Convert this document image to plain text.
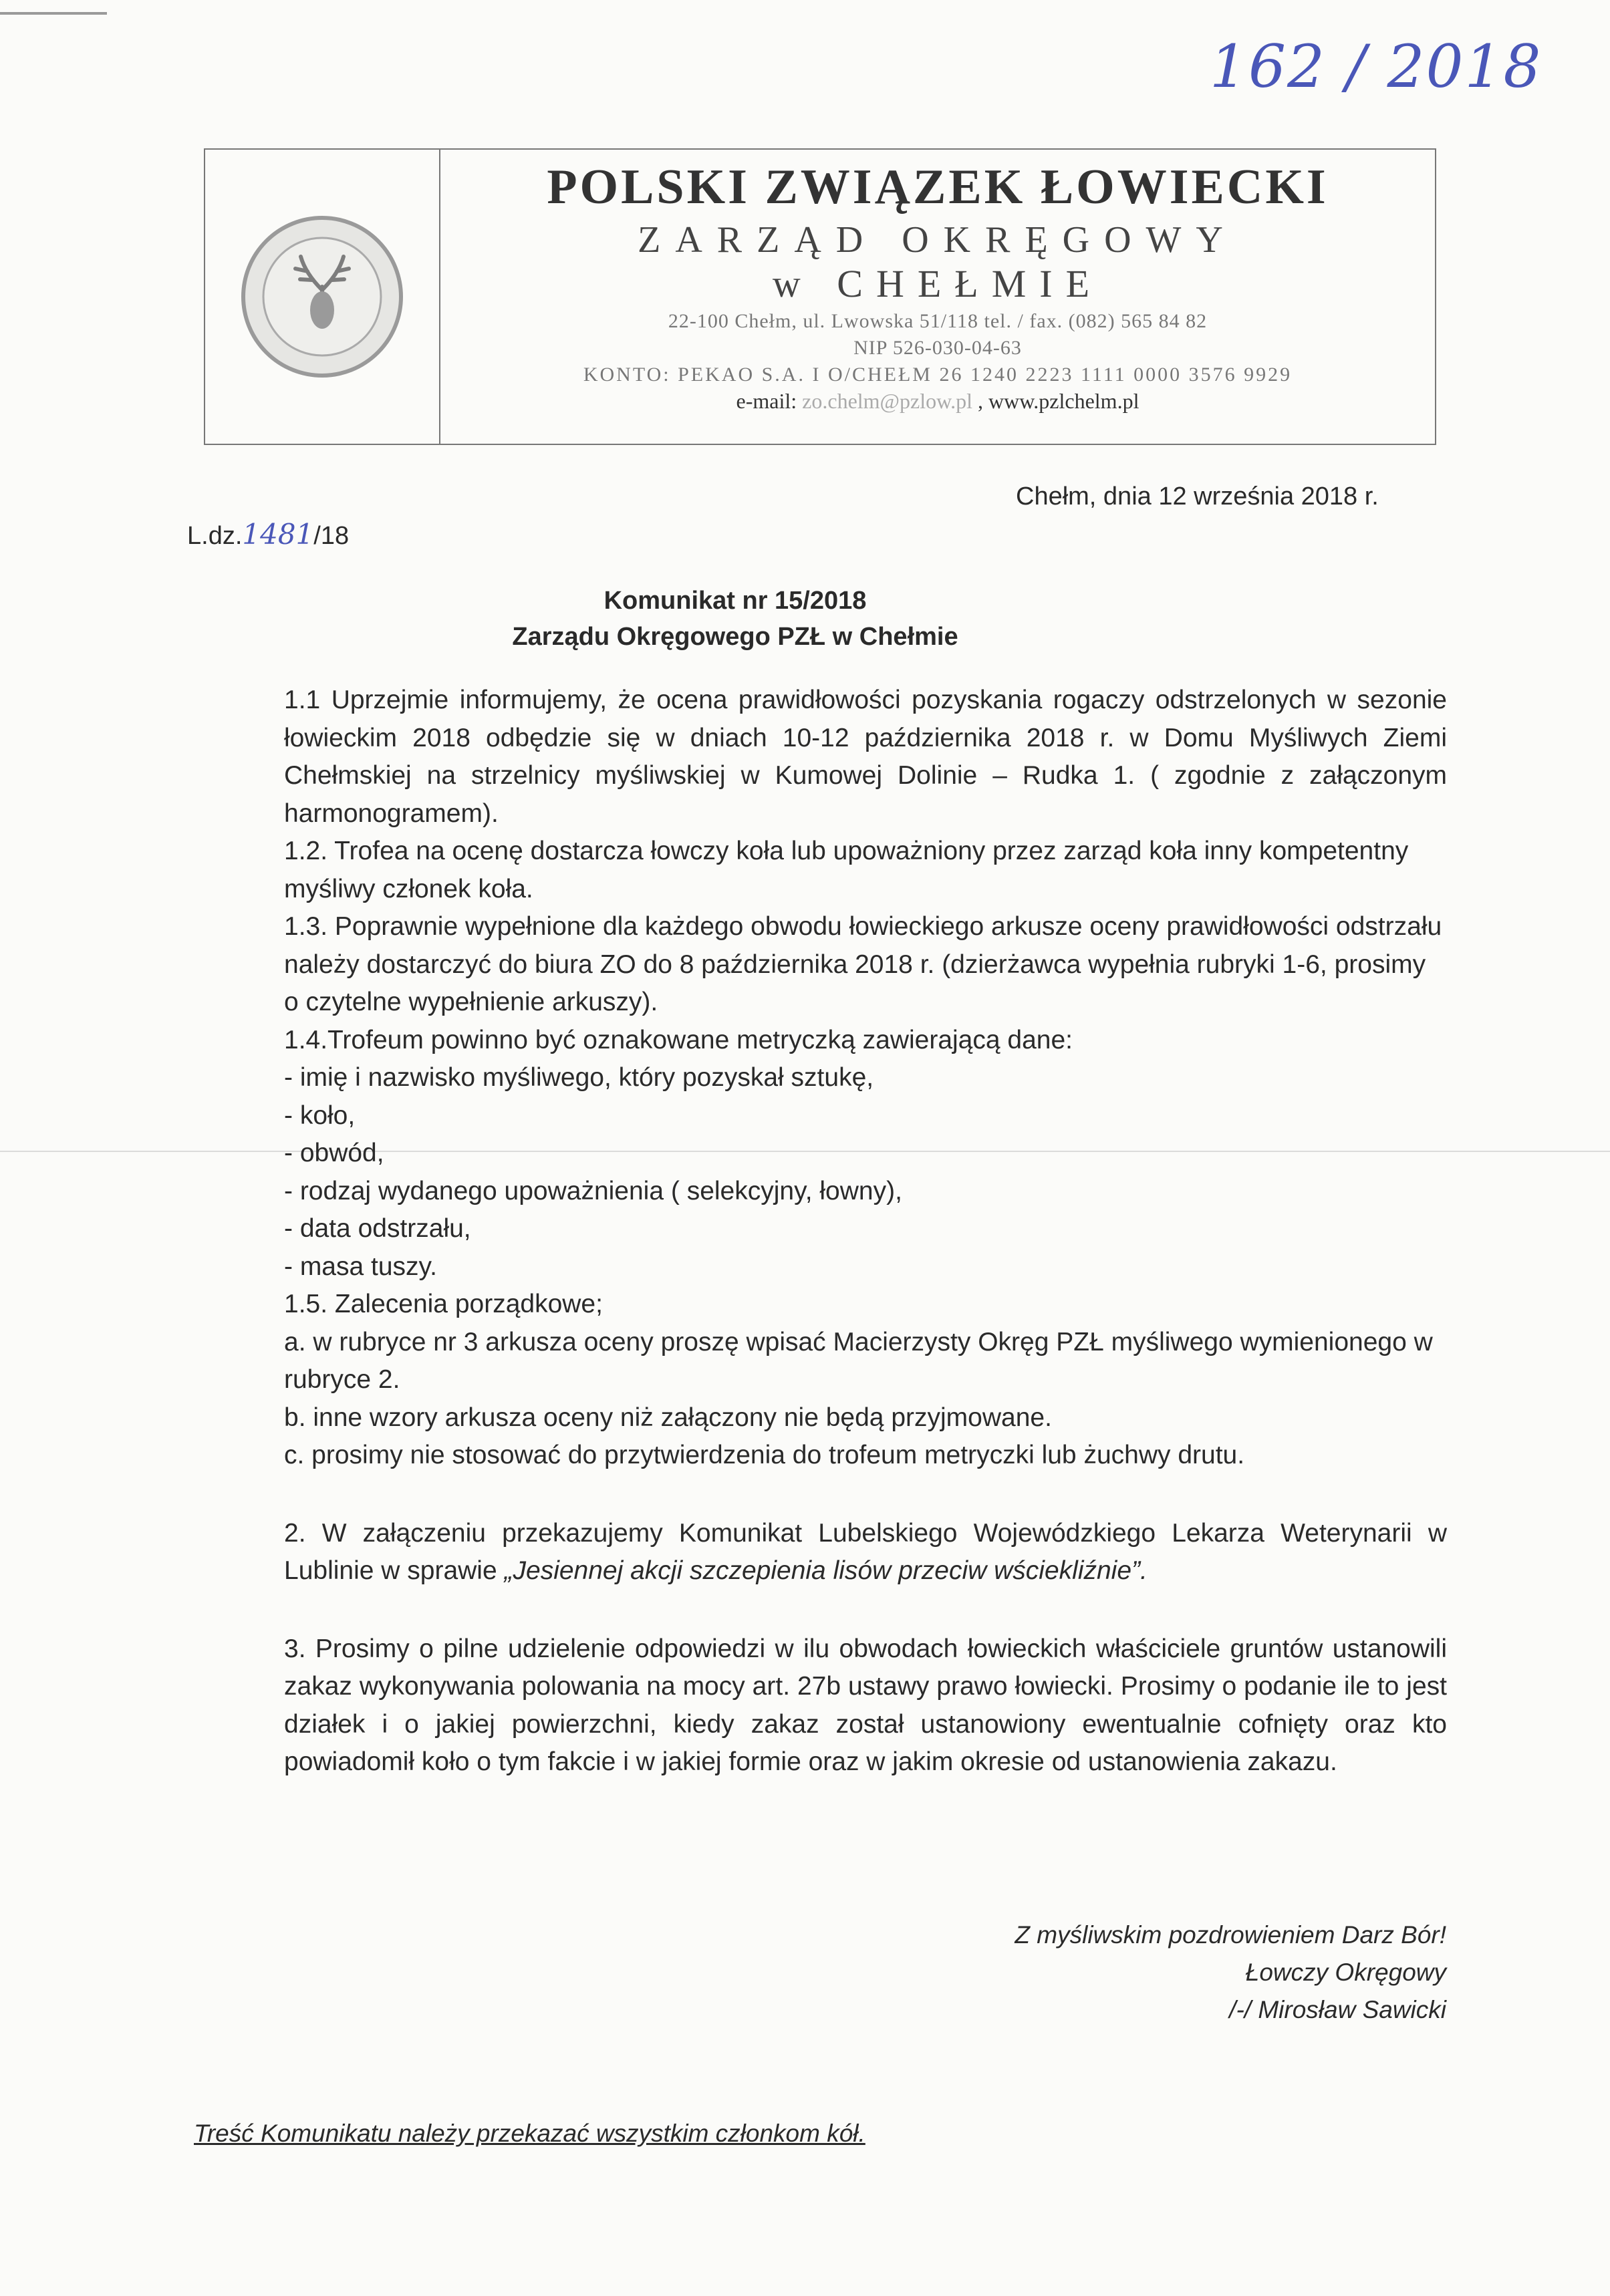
162 / 2018
POLSKI ZWIĄZEK ŁOWIECKI
ZARZĄD OKRĘGOWY
w CHEŁMIE
22-100 Chełm, ul. Lwowska 51/118 tel. / fax. (082) 565 84 82
NIP 526-030-04-63
KONTO: PEKAO S.A. I O/CHEŁM 26 1240 2223 1111 0000 3576 9929
e-mail: zo.chelm@pzlow.pl , www.pzlchelm.pl
Chełm, dnia 12 września 2018 r.
L.dz.1481/18
Komunikat nr 15/2018
Zarządu Okręgowego PZŁ w Chełmie

1.1 Uprzejmie informujemy, że ocena prawidłowości pozyskania rogaczy odstrzelonych w sezonie łowieckim 2018 odbędzie się w dniach 10-12 października 2018 r. w Domu Myśliwych Ziemi Chełmskiej na strzelnicy myśliwskiej w Kumowej Dolinie – Rudka 1. ( zgodnie z załączonym harmonogramem).

1.2. Trofea na ocenę dostarcza łowczy koła lub upoważniony przez zarząd koła inny kompetentny myśliwy członek koła.

1.3. Poprawnie wypełnione dla każdego obwodu łowieckiego arkusze oceny prawidłowości odstrzału należy dostarczyć do biura ZO do 8 października 2018 r. (dzierżawca wypełnia rubryki 1-6, prosimy o czytelne wypełnienie arkuszy).

1.4.Trofeum powinno być oznakowane metryczką zawierającą dane:

- imię i nazwisko myśliwego, który pozyskał sztukę,

- koło,

- obwód,

- rodzaj wydanego upoważnienia ( selekcyjny, łowny),

- data odstrzału,

- masa tuszy.

1.5. Zalecenia porządkowe;

a. w rubryce nr 3 arkusza oceny proszę wpisać Macierzysty Okręg PZŁ myśliwego wymienionego w rubryce 2.

b. inne wzory arkusza oceny niż załączony nie będą przyjmowane.

c. prosimy nie stosować do przytwierdzenia do trofeum metryczki lub żuchwy drutu.

2. W załączeniu przekazujemy Komunikat Lubelskiego Wojewódzkiego Lekarza Weterynarii w Lublinie w sprawie „Jesiennej akcji szczepienia lisów przeciw wściekliźnie”.

3. Prosimy o pilne udzielenie odpowiedzi w ilu obwodach łowieckich właściciele gruntów ustanowili zakaz wykonywania polowania na mocy art. 27b ustawy prawo łowiecki. Prosimy o podanie ile to jest działek i o jakiej powierzchni, kiedy zakaz został ustanowiony ewentualnie cofnięty oraz kto powiadomił koło o tym fakcie i w jakiej formie oraz w jakim okresie od ustanowienia zakazu.

Z myśliwskim pozdrowieniem Darz Bór!
Łowczy Okręgowy
/-/ Mirosław Sawicki
Treść Komunikatu należy przekazać wszystkim członkom kół.
